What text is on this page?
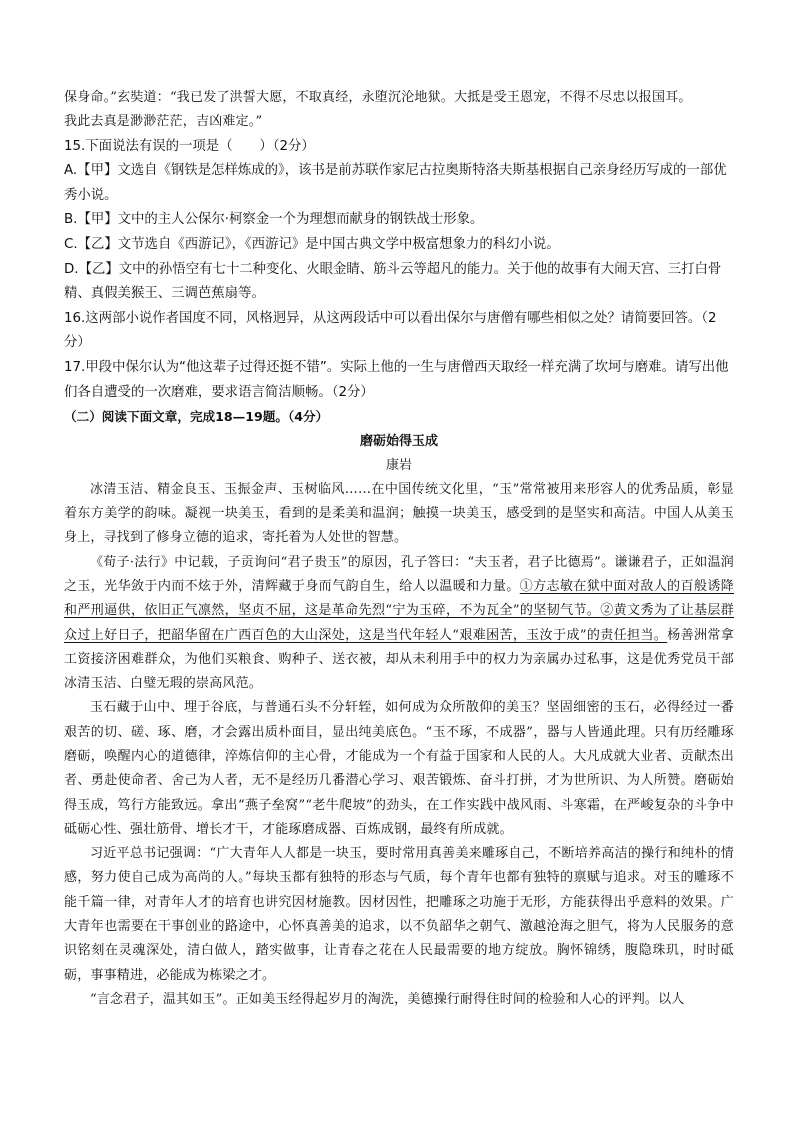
保身命。”玄奘道：“我已发了洪誓大愿，不取真经，永堕沉沦地狱。大抵是受王恩宠，不得不尽忠以报国耳。

我此去真是渺渺茫茫，吉凶难定。”

15.下面说法有误的一项是（　　）（2分）

A.【甲】文选自《钢铁是怎样炼成的》，该书是前苏联作家尼古拉奥斯特洛夫斯基根据自己亲身经历写成的一部优秀小说。

B.【甲】文中的主人公保尔·柯察金一个为理想而献身的钢铁战士形象。

C.【乙】文节选自《西游记》，《西游记》是中国古典文学中极富想象力的科幻小说。

D.【乙】文中的孙悟空有七十二种变化、火眼金睛、筋斗云等超凡的能力。关于他的故事有大闹天宫、三打白骨精、真假美猴王、三调芭蕉扇等。

16.这两部小说作者国度不同，风格迥异，从这两段话中可以看出保尔与唐僧有哪些相似之处？请简要回答。（2分）

17.甲段中保尔认为“他这辈子过得还挺不错”。实际上他的一生与唐僧西天取经一样充满了坎坷与磨难。请写出他们各自遭受的一次磨难，要求语言简洁顺畅。（2分）

（二）阅读下面文章，完成18—19题。（4分）

磨砺始得玉成

康岩

冰清玉洁、精金良玉、玉振金声、玉树临风……在中国传统文化里，“玉”常常被用来形容人的优秀品质，彰显着东方美学的韵味。凝视一块美玉，看到的是柔美和温润；触摸一块美玉，感受到的是坚实和高洁。中国人从美玉身上，寻找到了修身立德的追求，寄托着为人处世的智慧。

《荀子·法行》中记载，子贡询问“君子贵玉”的原因，孔子答曰：“夫玉者，君子比德焉”。谦谦君子，正如温润之玉，光华敛于内而不炫于外，清辉藏于身而气韵自生，给人以温暖和力量。①方志敏在狱中面对敌人的百般诱降和严刑逼供，依旧正气凛然，坚贞不屈，这是革命先烈“宁为玉碎，不为瓦全”的坚韧气节。②黄文秀为了让基层群众过上好日子，把韶华留在广西百色的大山深处，这是当代年轻人“艰难困苦，玉汝于成”的责任担当。杨善洲常拿工资接济困难群众，为他们买粮食、购种子、送衣被，却从未利用手中的权力为亲属办过私事，这是优秀党员干部冰清玉洁、白璧无瑕的崇高风范。

玉石藏于山中、埋于谷底，与普通石头不分轩轾，如何成为众所散仰的美玉？坚固细密的玉石，必得经过一番艰苦的切、磋、琢、磨，才会露出质朴面目，显出纯美底色。“玉不琢，不成器”，器与人皆通此理。只有历经雕琢磨砺，唤醒内心的道德律，淬炼信仰的主心骨，才能成为一个有益于国家和人民的人。大凡成就大业者、贡献杰出者、勇赴使命者、舍己为人者，无不是经历几番潜心学习、艰苦锻炼、奋斗打拼，才为世所识、为人所赞。磨砺始得玉成，笃行方能致远。拿出“燕子垒窝”“老牛爬坡”的劲头，在工作实践中战风雨、斗寒霜，在严峻复杂的斗争中砥砺心性、强壮筋骨、增长才干，才能琢磨成器、百炼成钢，最终有所成就。

习近平总书记强调：“广大青年人人都是一块玉，要时常用真善美来雕琢自己，不断培养高洁的操行和纯朴的情感，努力使自己成为高尚的人。”每块玉都有独特的形态与气质，每个青年也都有独特的禀赋与追求。对玉的雕琢不能千篇一律，对青年人才的培育也讲究因材施教。因材因性，把雕琢之功施于无形，方能获得出乎意料的效果。广大青年也需要在干事创业的路途中，心怀真善美的追求，以不负韶华之朝气、激越沧海之胆气，将为人民服务的意识铭刻在灵魂深处，清白做人，踏实做事，让青春之花在人民最需要的地方绽放。胸怀锦绣，腹隐珠玑，时时砥砺，事事精进，必能成为栋梁之才。

“言念君子，温其如玉”。正如美玉经得起岁月的淘洗，美德操行耐得住时间的检验和人心的评判。以人
